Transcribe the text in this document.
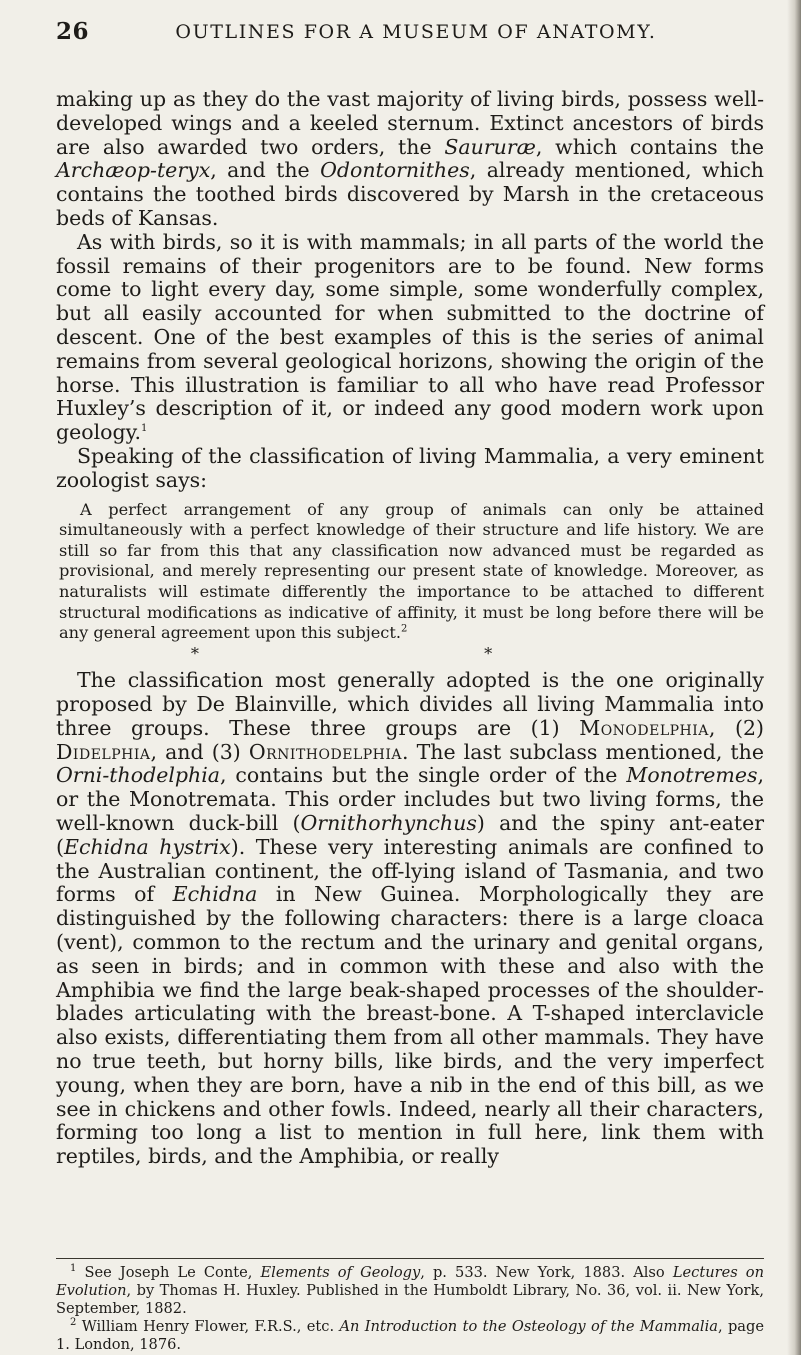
26	OUTLINES FOR A MUSEUM OF ANATOMY.

making up as they do the vast majority of living birds, possess well-developed wings and a keeled sternum. Extinct ancestors of birds are also awarded two orders, the Saururæ, which contains the Archæop-teryx, and the Odontornithes, already mentioned, which contains the toothed birds discovered by Marsh in the cretaceous beds of Kansas.

As with birds, so it is with mammals; in all parts of the world the fossil remains of their progenitors are to be found. New forms come to light every day, some simple, some wonderfully complex, but all easily accounted for when submitted to the doctrine of descent. One of the best examples of this is the series of animal remains from several geological horizons, showing the origin of the horse. This illustration is familiar to all who have read Professor Huxley’s description of it, or indeed any good modern work upon geology.$^1$

Speaking of the classification of living Mammalia, a very eminent zoologist says:

A perfect arrangement of any group of animals can only be attained simultaneously with a perfect knowledge of their structure and life history. We are still so far from this that any classification now advanced must be regarded as provisional, and merely representing our present state of knowledge. Moreover, as naturalists will estimate differently the importance to be attached to different structural modifications as indicative of affinity, it must be long before there will be any general agreement upon this subject.$^2$

* *

The classification most generally adopted is the one originally proposed by De Blainville, which divides all living Mammalia into three groups. These three groups are (1) Monodelphia, (2) Didelphia, and (3) Ornithodelphia. The last subclass mentioned, the Orni-thodelphia, contains but the single order of the Monotremes, or the Monotremata. This order includes but two living forms, the well-known duck-bill (Ornithorhynchus) and the spiny ant-eater (Echidna hystrix). These very interesting animals are confined to the Australian continent, the off-lying island of Tasmania, and two forms of Echidna in New Guinea. Morphologically they are distinguished by the following characters: there is a large cloaca (vent), common to the rectum and the urinary and genital organs, as seen in birds; and in common with these and also with the Amphibia we find the large beak-shaped processes of the shoulder-blades articulating with the breast-bone. A T-shaped interclavicle also exists, differentiating them from all other mammals. They have no true teeth, but horny bills, like birds, and the very imperfect young, when they are born, have a nib in the end of this bill, as we see in chickens and other fowls. Indeed, nearly all their characters, forming too long a list to mention in full here, link them with reptiles, birds, and the Amphibia, or really

$^1$ See Joseph Le Conte, Elements of Geology, p. 533. New York, 1883. Also Lectures on Evolution, by Thomas H. Huxley. Published in the Humboldt Library, No. 36, vol. ii. New York, September, 1882.

$^2$ William Henry Flower, F.R.S., etc. An Introduction to the Osteology of the Mammalia, page 1. London, 1876.
